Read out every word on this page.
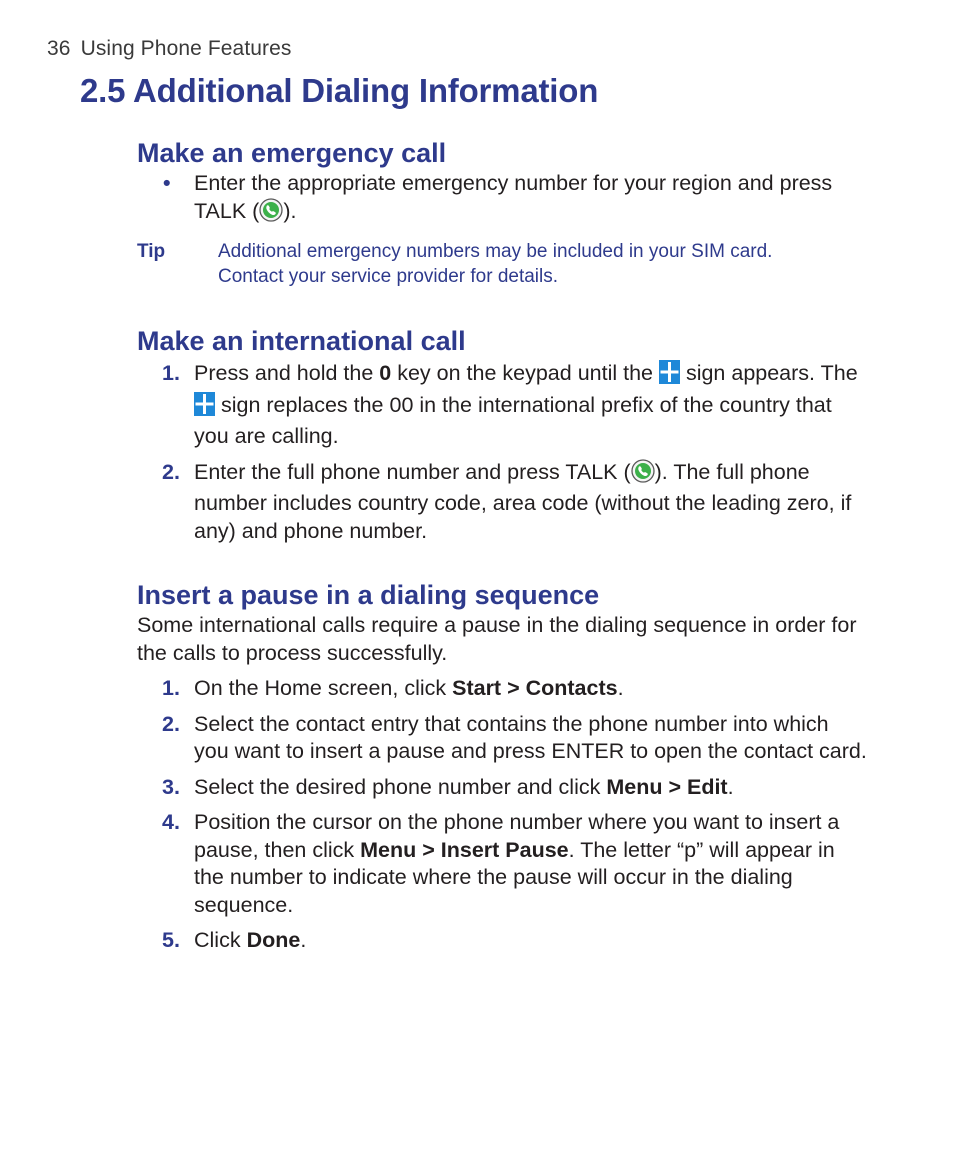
36 Using Phone Features
2.5 Additional Dialing Information
Make an emergency call
• Enter the appropriate emergency number for your region and press TALK ( ).
Tip	Additional emergency numbers may be included in your SIM card.
Contact your service provider for details.
Make an international call
1. Press and hold the 0 key on the keypad until the  sign appears. The  sign replaces the 00 in the international prefix of the country that you are calling.
2. Enter the full phone number and press TALK ( ). The full phone number includes country code, area code (without the leading zero, if any) and phone number.
Insert a pause in a dialing sequence
Some international calls require a pause in the dialing sequence in order for the calls to process successfully.
1. On the Home screen, click Start > Contacts.
2. Select the contact entry that contains the phone number into which you want to insert a pause and press ENTER to open the contact card.
3. Select the desired phone number and click Menu > Edit.
4. Position the cursor on the phone number where you want to insert a pause, then click Menu > Insert Pause. The letter “p” will appear in the number to indicate where the pause will occur in the dialing sequence.
5. Click Done.
